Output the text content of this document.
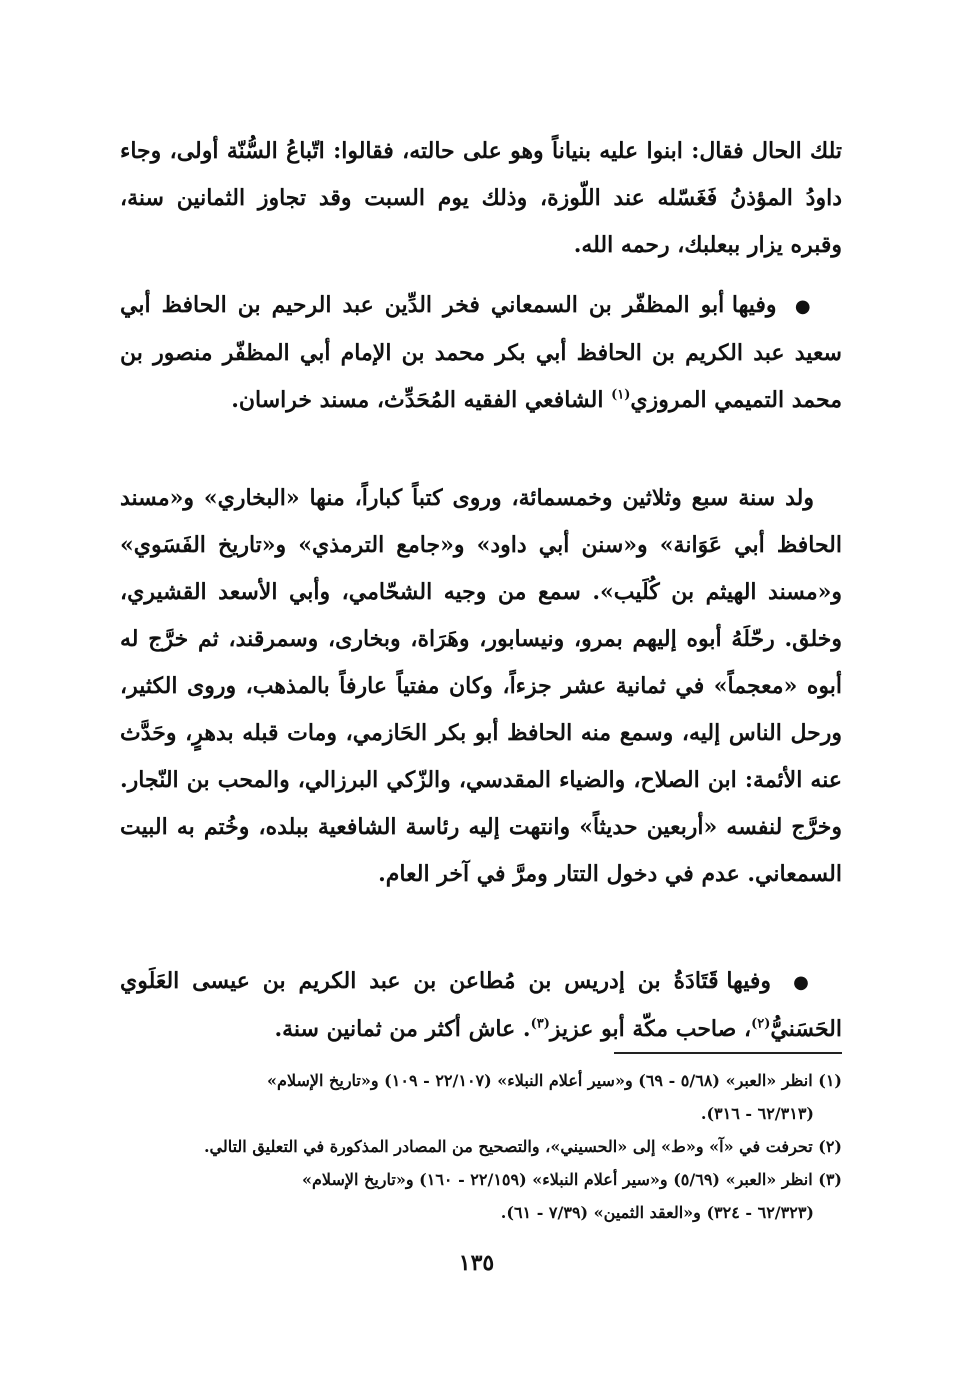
تلك الحال فقال: ابنوا عليه بنياناً وهو على حالته، فقالوا: اتّباعُ السُّنّة أولى، وجاء داودُ المؤذنُ فَغَسّله عند اللّوزة، وذلك يوم السبت وقد تجاوز الثمانين سنة، وقبره يزار ببعلبك، رحمه الله.
● وفيها أبو المظفّر بن السمعاني فخر الدِّين عبد الرحيم بن الحافظ أبي سعيد عبد الكريم بن الحافظ أبي بكر محمد بن الإمام أبي المظفّر منصور بن محمد التميمي المروزي$^{(١)}$ الشافعي الفقيه المُحَدِّث، مسند خراسان.
ولد سنة سبع وثلاثين وخمسمائة، وروى كتباً كباراً، منها «البخاري» و«مسند الحافظ أبي عَوَانة» و«سنن أبي داود» و«جامع الترمذي» و«تاريخ الفَسَوي» و«مسند الهيثم بن كُلَيب». سمع من وجيه الشحّامي، وأبي الأسعد القشيري، وخلق. رحّلَهُ أبوه إليهم بمرو، ونيسابور، وهَرَاة، وبخارى، وسمرقند، ثم خرَّج له أبوه «معجماً» في ثمانية عشر جزءاً، وكان مفتياً عارفاً بالمذهب، وروى الكثير، ورحل الناس إليه، وسمع منه الحافظ أبو بكر الحَازمي، ومات قبله بدهرٍ، وحَدَّث عنه الأئمة: ابن الصلاح، والضياء المقدسي، والزّكي البرزالي، والمحب بن النّجار. وخرَّج لنفسه «أربعين حديثاً» وانتهت إليه رئاسة الشافعية ببلده، وخُتم به البيت السمعاني. عدم في دخول التتار ومرَّ في آخر العام.
● وفيها قَتَادَةُ بن إدريس بن مُطاعن بن عبد الكريم بن عيسى العَلَوي الحَسَنيُّ$^{(٢)}$، صاحب مكّة أبو عزيز$^{(٣)}$. عاش أكثر من ثمانين سنة.

(١) انظر «العبر» (٥/٦٨ - ٦٩) و«سير أعلام النبلاء» (٢٢/١٠٧ - ١٠٩) و«تاريخ الإسلام»

(٦٢/٣١٣ - ٣١٦).

(٢) تحرفت في «آ» و«ط» إلى «الحسيني»، والتصحيح من المصادر المذكورة في التعليق التالي.

(٣) انظر «العبر» (٥/٦٩) و«سير أعلام النبلاء» (٢٢/١٥٩ - ١٦٠) و«تاريخ الإسلام»

(٦٢/٣٢٣ - ٣٢٤) و«العقد الثمين» (٧/٣٩ - ٦١).

١٣٥
